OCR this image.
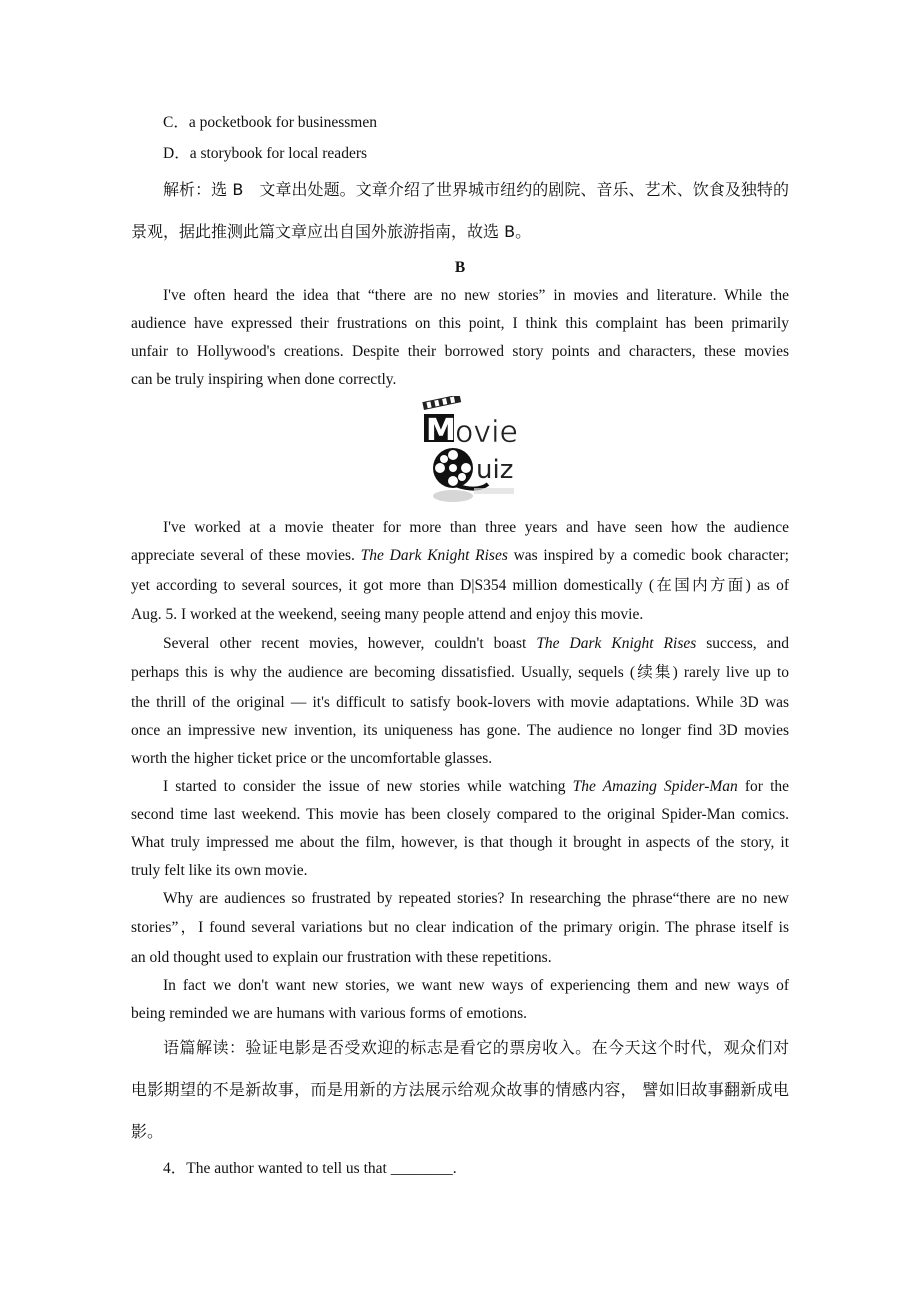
C．a pocketbook for businessmen
D．a storybook for local readers
解析：选 B　文章出处题。文章介绍了世界城市纽约的剧院、音乐、艺术、饮食及独特的
景观，据此推测此篇文章应出自国外旅游指南，故选 B。
B
I've often heard the idea that “there are no new stories” in movies and literature. While the
audience have expressed their frustrations on this point, I think this complaint has been primarily
unfair to Hollywood's creations. Despite their borrowed story points and characters, these movies
can be truly inspiring when done correctly.
M ovie
uiz
I've worked at a movie theater for more than three years and have seen how the audience
appreciate several of these movies. The Dark Knight Rises was inspired by a comedic book character;
yet according to several sources, it got more than D|S354 million domestically (在国内方面) as of
Aug. 5. I worked at the weekend, seeing many people attend and enjoy this movie.
Several other recent movies, however, couldn't boast The Dark Knight Rises success, and
perhaps this is why the audience are becoming dissatisfied. Usually, sequels (续集) rarely live up to
the thrill of the original — it's difficult to satisfy book-lovers with movie adaptations. While 3D was
once an impressive new invention, its uniqueness has gone. The audience no longer find 3D movies
worth the higher ticket price or the uncomfortable glasses.
I started to consider the issue of new stories while watching The Amazing Spider-Man for the
second time last weekend. This movie has been closely compared to the original Spider-Man comics.
What truly impressed me about the film, however, is that though it brought in aspects of the story, it
truly felt like its own movie.
Why are audiences so frustrated by repeated stories? In researching the phrase“there are no new
stories”，I found several variations but no clear indication of the primary origin. The phrase itself is
an old thought used to explain our frustration with these repetitions.
In fact we don't want new stories, we want new ways of experiencing them and new ways of
being reminded we are humans with various forms of emotions.
语篇解读：验证电影是否受欢迎的标志是看它的票房收入。在今天这个时代，观众们对
电影期望的不是新故事，而是用新的方法展示给观众故事的情感内容， 譬如旧故事翻新成电
影。
4．The author wanted to tell us that ________.
